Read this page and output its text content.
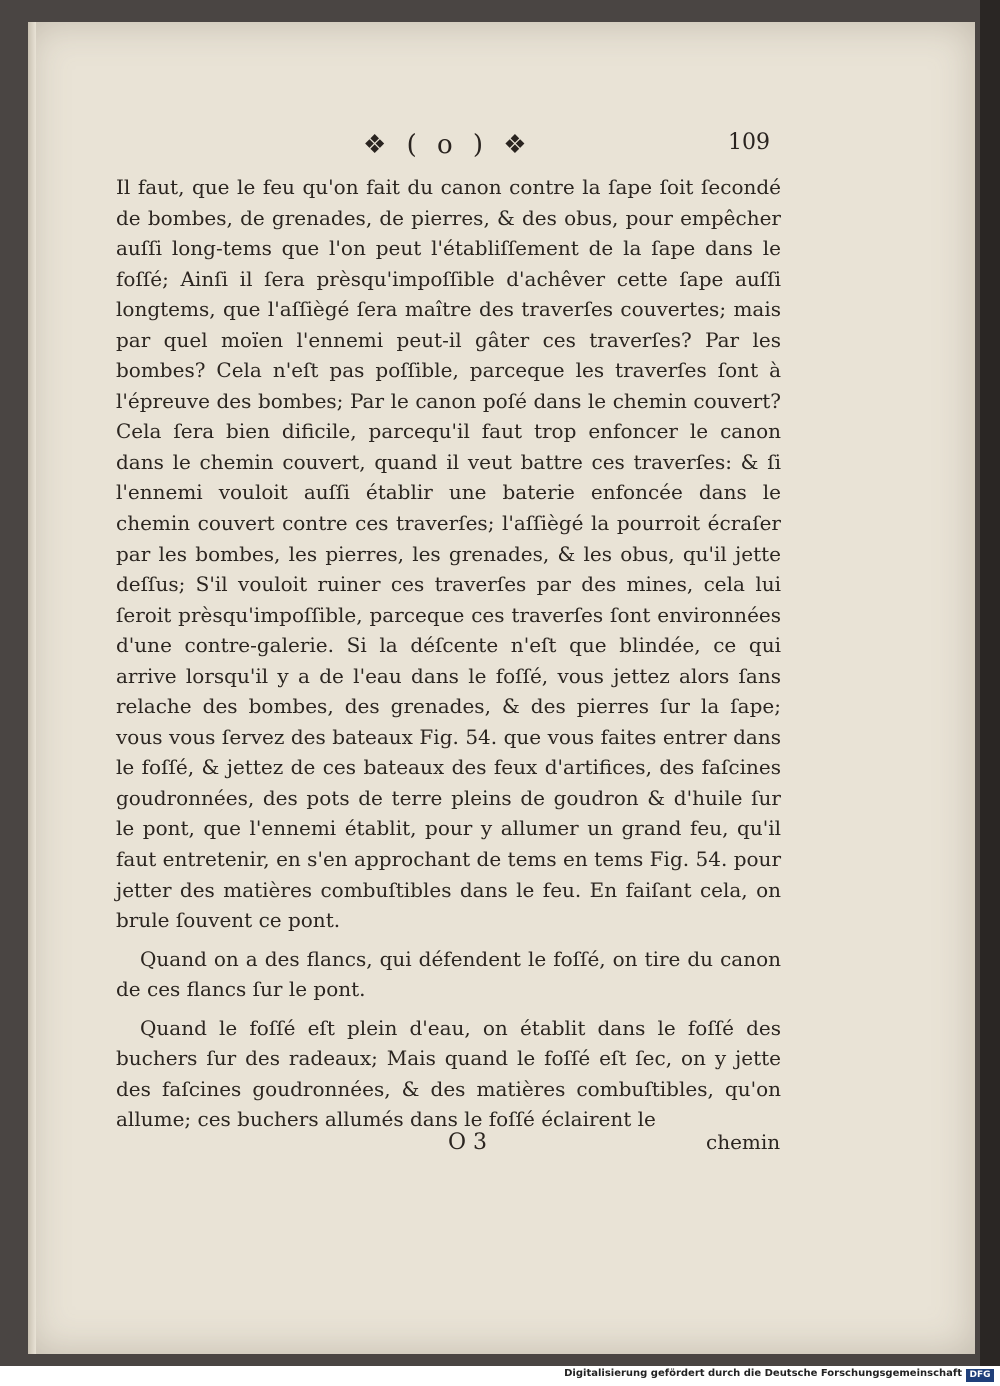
❖ ( o ) ❖	109

Il faut, que le feu qu'on fait du canon contre la ſape ſoit ſecondé de bombes, de grenades, de pierres, & des obus, pour empêcher auſſi long-tems que l'on peut l'établiſſement de la ſape dans le foſſé; Ainſi il ſera prèsqu'impoſſible d'achêver cette ſape auſſi longtems, que l'aſſiègé ſera maître des traverſes couvertes; mais par quel moïen l'ennemi peut-il gâter ces traverſes? Par les bombes? Cela n'eſt pas poſſible, parceque les traverſes ſont à l'épreuve des bombes; Par le canon poſé dans le chemin couvert? Cela ſera bien dificile, parcequ'il faut trop enfoncer le canon dans le chemin couvert, quand il veut battre ces traverſes: & ſi l'ennemi vouloit auſſi établir une baterie enfoncée dans le chemin couvert contre ces traverſes; l'aſſiègé la pourroit écraſer par les bombes, les pierres, les grenades, & les obus, qu'il jette deſſus; S'il vouloit ruiner ces traverſes par des mines, cela lui ſeroit prèsqu'impoſſible, parceque ces traverſes ſont environnées d'une contre-galerie. Si la déſcente n'eſt que blindée, ce qui arrive lorsqu'il y a de l'eau dans le foſſé, vous jettez alors ſans relache des bombes, des grenades, & des pierres ſur la ſape; vous vous ſervez des bateaux Fig. 54. que vous faites entrer dans le foſſé, & jettez de ces bateaux des feux d'artifices, des faſcines goudronnées, des pots de terre pleins de goudron & d'huile ſur le pont, que l'ennemi établit, pour y allumer un grand feu, qu'il faut entretenir, en s'en approchant de tems en tems Fig. 54. pour jetter des matières combuſtibles dans le feu. En faiſant cela, on brule ſouvent ce pont.

Quand on a des flancs, qui défendent le foſſé, on tire du canon de ces flancs ſur le pont.

Quand le foſſé eſt plein d'eau, on établit dans le foſſé des buchers ſur des radeaux; Mais quand le foſſé eſt ſec, on y jette des faſcines goudronnées, & des matières combuſtibles, qu'on allume; ces buchers allumés dans le foſſé éclairent le

O 3	chemin
Digitalisierung gefördert durch die Deutsche Forschungsgemeinschaft DFG
